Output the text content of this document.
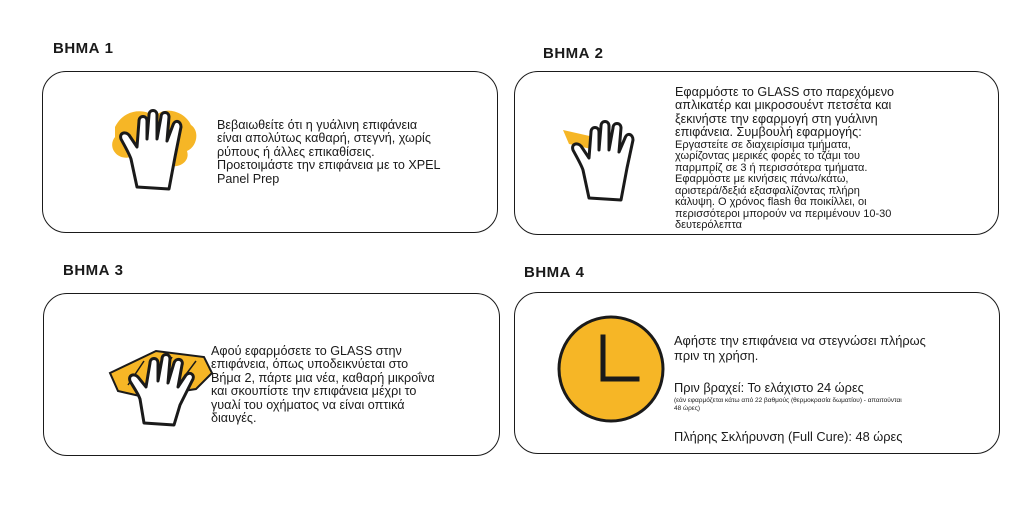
ΒΗΜΑ 1
Βεβαιωθείτε ότι η γυάλινη επιφάνεια
είναι απολύτως καθαρή, στεγνή, χωρίς
ρύπους ή άλλες επικαθίσεις.
Προετοιμάστε την επιφάνεια με το XPEL
Panel Prep
ΒΗΜΑ 2
Εφαρμόστε το GLASS στο παρεχόμενο
απλικατέρ και μικροσουέντ πετσέτα και
ξεκινήστε την εφαρμογή στη γυάλινη
επιφάνεια. Συμβουλή εφαρμογής:
Εργαστείτε σε διαχειρίσιμα τμήματα,
χωρίζοντας μερικές φορές το τζάμι του
παρμπρίζ σε 3 ή περισσότερα τμήματα.
Εφαρμόστε με κινήσεις πάνω/κάτω,
αριστερά/δεξιά εξασφαλίζοντας πλήρη
κάλυψη. Ο χρόνος flash θα ποικίλλει, οι
περισσότεροι μπορούν να περιμένουν 10-30
δευτερόλεπτα
ΒΗΜΑ 3
Αφού εφαρμόσετε το GLASS στην
επιφάνεια, όπως υποδεικνύεται στο
Βήμα 2, πάρτε μια νέα, καθαρή μικροΐνα
και σκουπίστε την επιφάνεια μέχρι το
γυαλί του οχήματος να είναι οπτικά
διαυγές.
ΒΗΜΑ 4
Αφήστε την επιφάνεια να στεγνώσει πλήρως
πριν τη χρήση.
Πριν βραχεί: Το ελάχιστο 24 ώρες
(εάν εφαρμόζεται κάτω από 22 βαθμούς (θερμοκρασία δωματίου) - απαιτούνται
48 ώρες)
Πλήρης Σκλήρυνση (Full Cure): 48 ώρες
